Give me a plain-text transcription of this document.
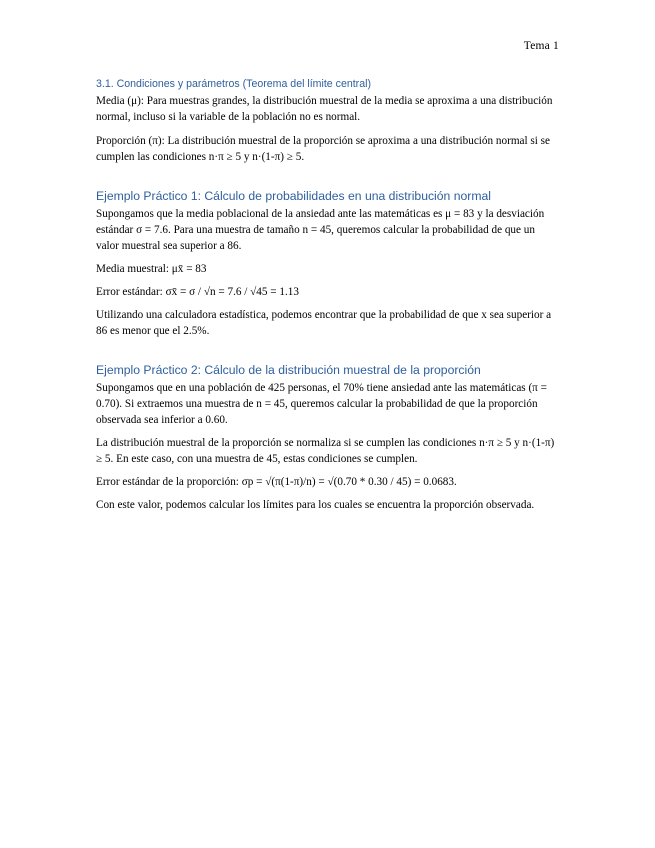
Tema 1
3.1. Condiciones y parámetros (Teorema del límite central)

Media (μ): Para muestras grandes, la distribución muestral de la media se aproxima a una distribución normal, incluso si la variable de la población no es normal.

Proporción (π): La distribución muestral de la proporción se aproxima a una distribución normal si se cumplen las condiciones n·π ≥ 5 y n·(1-π) ≥ 5.

Ejemplo Práctico 1: Cálculo de probabilidades en una distribución normal

Supongamos que la media poblacional de la ansiedad ante las matemáticas es μ = 83 y la desviación estándar σ = 7.6. Para una muestra de tamaño n = 45, queremos calcular la probabilidad de que un valor muestral sea superior a 86.

Media muestral: μx̄ = 83

Error estándar: σx̄ = σ / √n = 7.6 / √45 = 1.13

Utilizando una calculadora estadística, podemos encontrar que la probabilidad de que x sea superior a 86 es menor que el 2.5%.

Ejemplo Práctico 2: Cálculo de la distribución muestral de la proporción

Supongamos que en una población de 425 personas, el 70% tiene ansiedad ante las matemáticas (π = 0.70). Si extraemos una muestra de n = 45, queremos calcular la probabilidad de que la proporción observada sea inferior a 0.60.

La distribución muestral de la proporción se normaliza si se cumplen las condiciones n·π ≥ 5 y n·(1-π) ≥ 5. En este caso, con una muestra de 45, estas condiciones se cumplen.

Error estándar de la proporción: σp = √(π(1-π)/n) = √(0.70 * 0.30 / 45) = 0.0683.

Con este valor, podemos calcular los límites para los cuales se encuentra la proporción observada.
